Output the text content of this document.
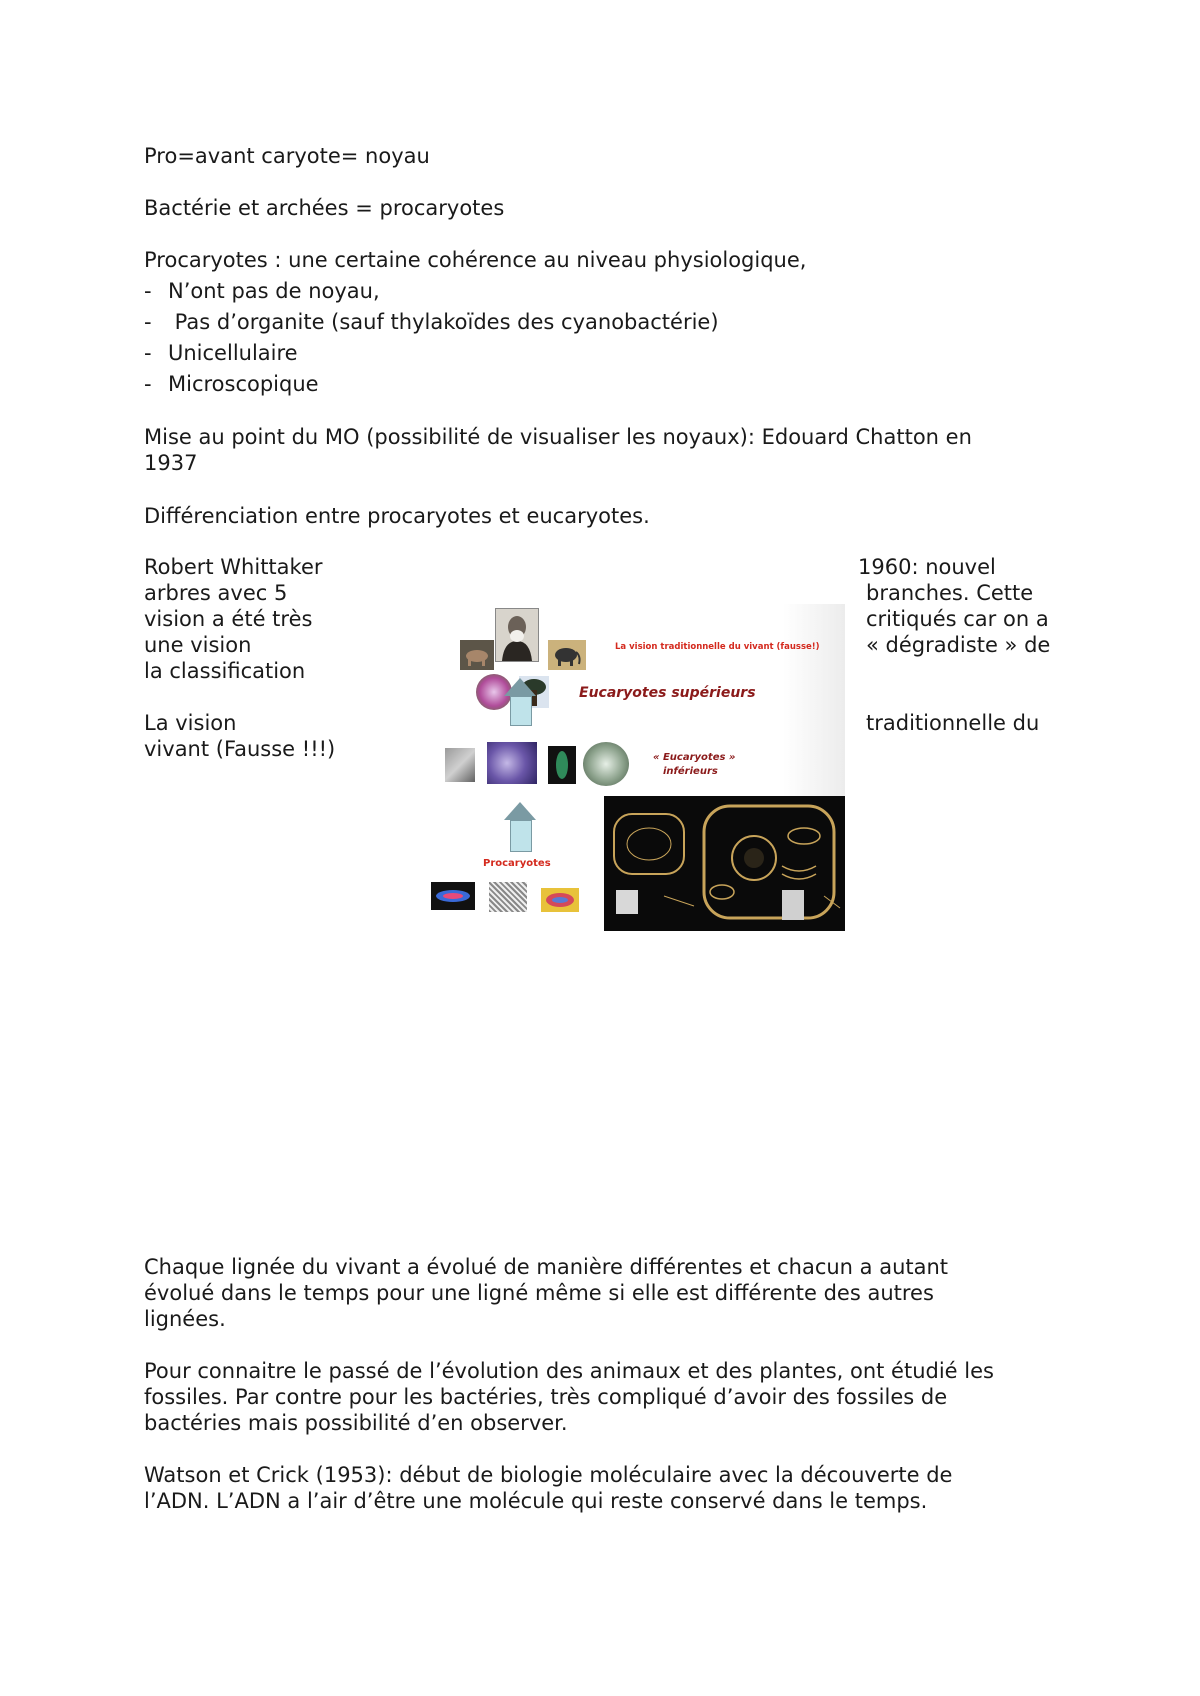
Pro=avant caryote= noyau

Bactérie et archées = procaryotes

Procaryotes : une certaine cohérence au niveau physiologique,

- N’ont pas de noyau,

- Pas d’organite (sauf thylakoïdes des cyanobactérie)

- Unicellulaire

- Microscopique

Mise au point du MO (possibilité de visualiser les noyaux): Edouard Chatton en

1937

Différenciation entre procaryotes et eucaryotes.

Robert Whittaker

arbres avec 5

vision a été très

une vision

la classification

1960: nouvel

branches. Cette

critiqués car on a

« dégradiste » de

La vision

vivant (Fausse !!!)

traditionnelle du

La vision traditionnelle du vivant (fausse!)
Eucaryotes supérieurs
« Eucaryotes »
inférieurs
Procaryotes

Chaque lignée du vivant a évolué de manière différentes et chacun a autant

évolué dans le temps pour une ligné même si elle est différente des autres

lignées.

Pour connaitre le passé de l’évolution des animaux et des plantes, ont étudié les

fossiles. Par contre pour les bactéries, très compliqué d’avoir des fossiles de

bactéries mais possibilité d’en observer.

Watson et Crick (1953): début de biologie moléculaire avec la découverte de

l’ADN. L’ADN a l’air d’être une molécule qui reste conservé dans le temps.
